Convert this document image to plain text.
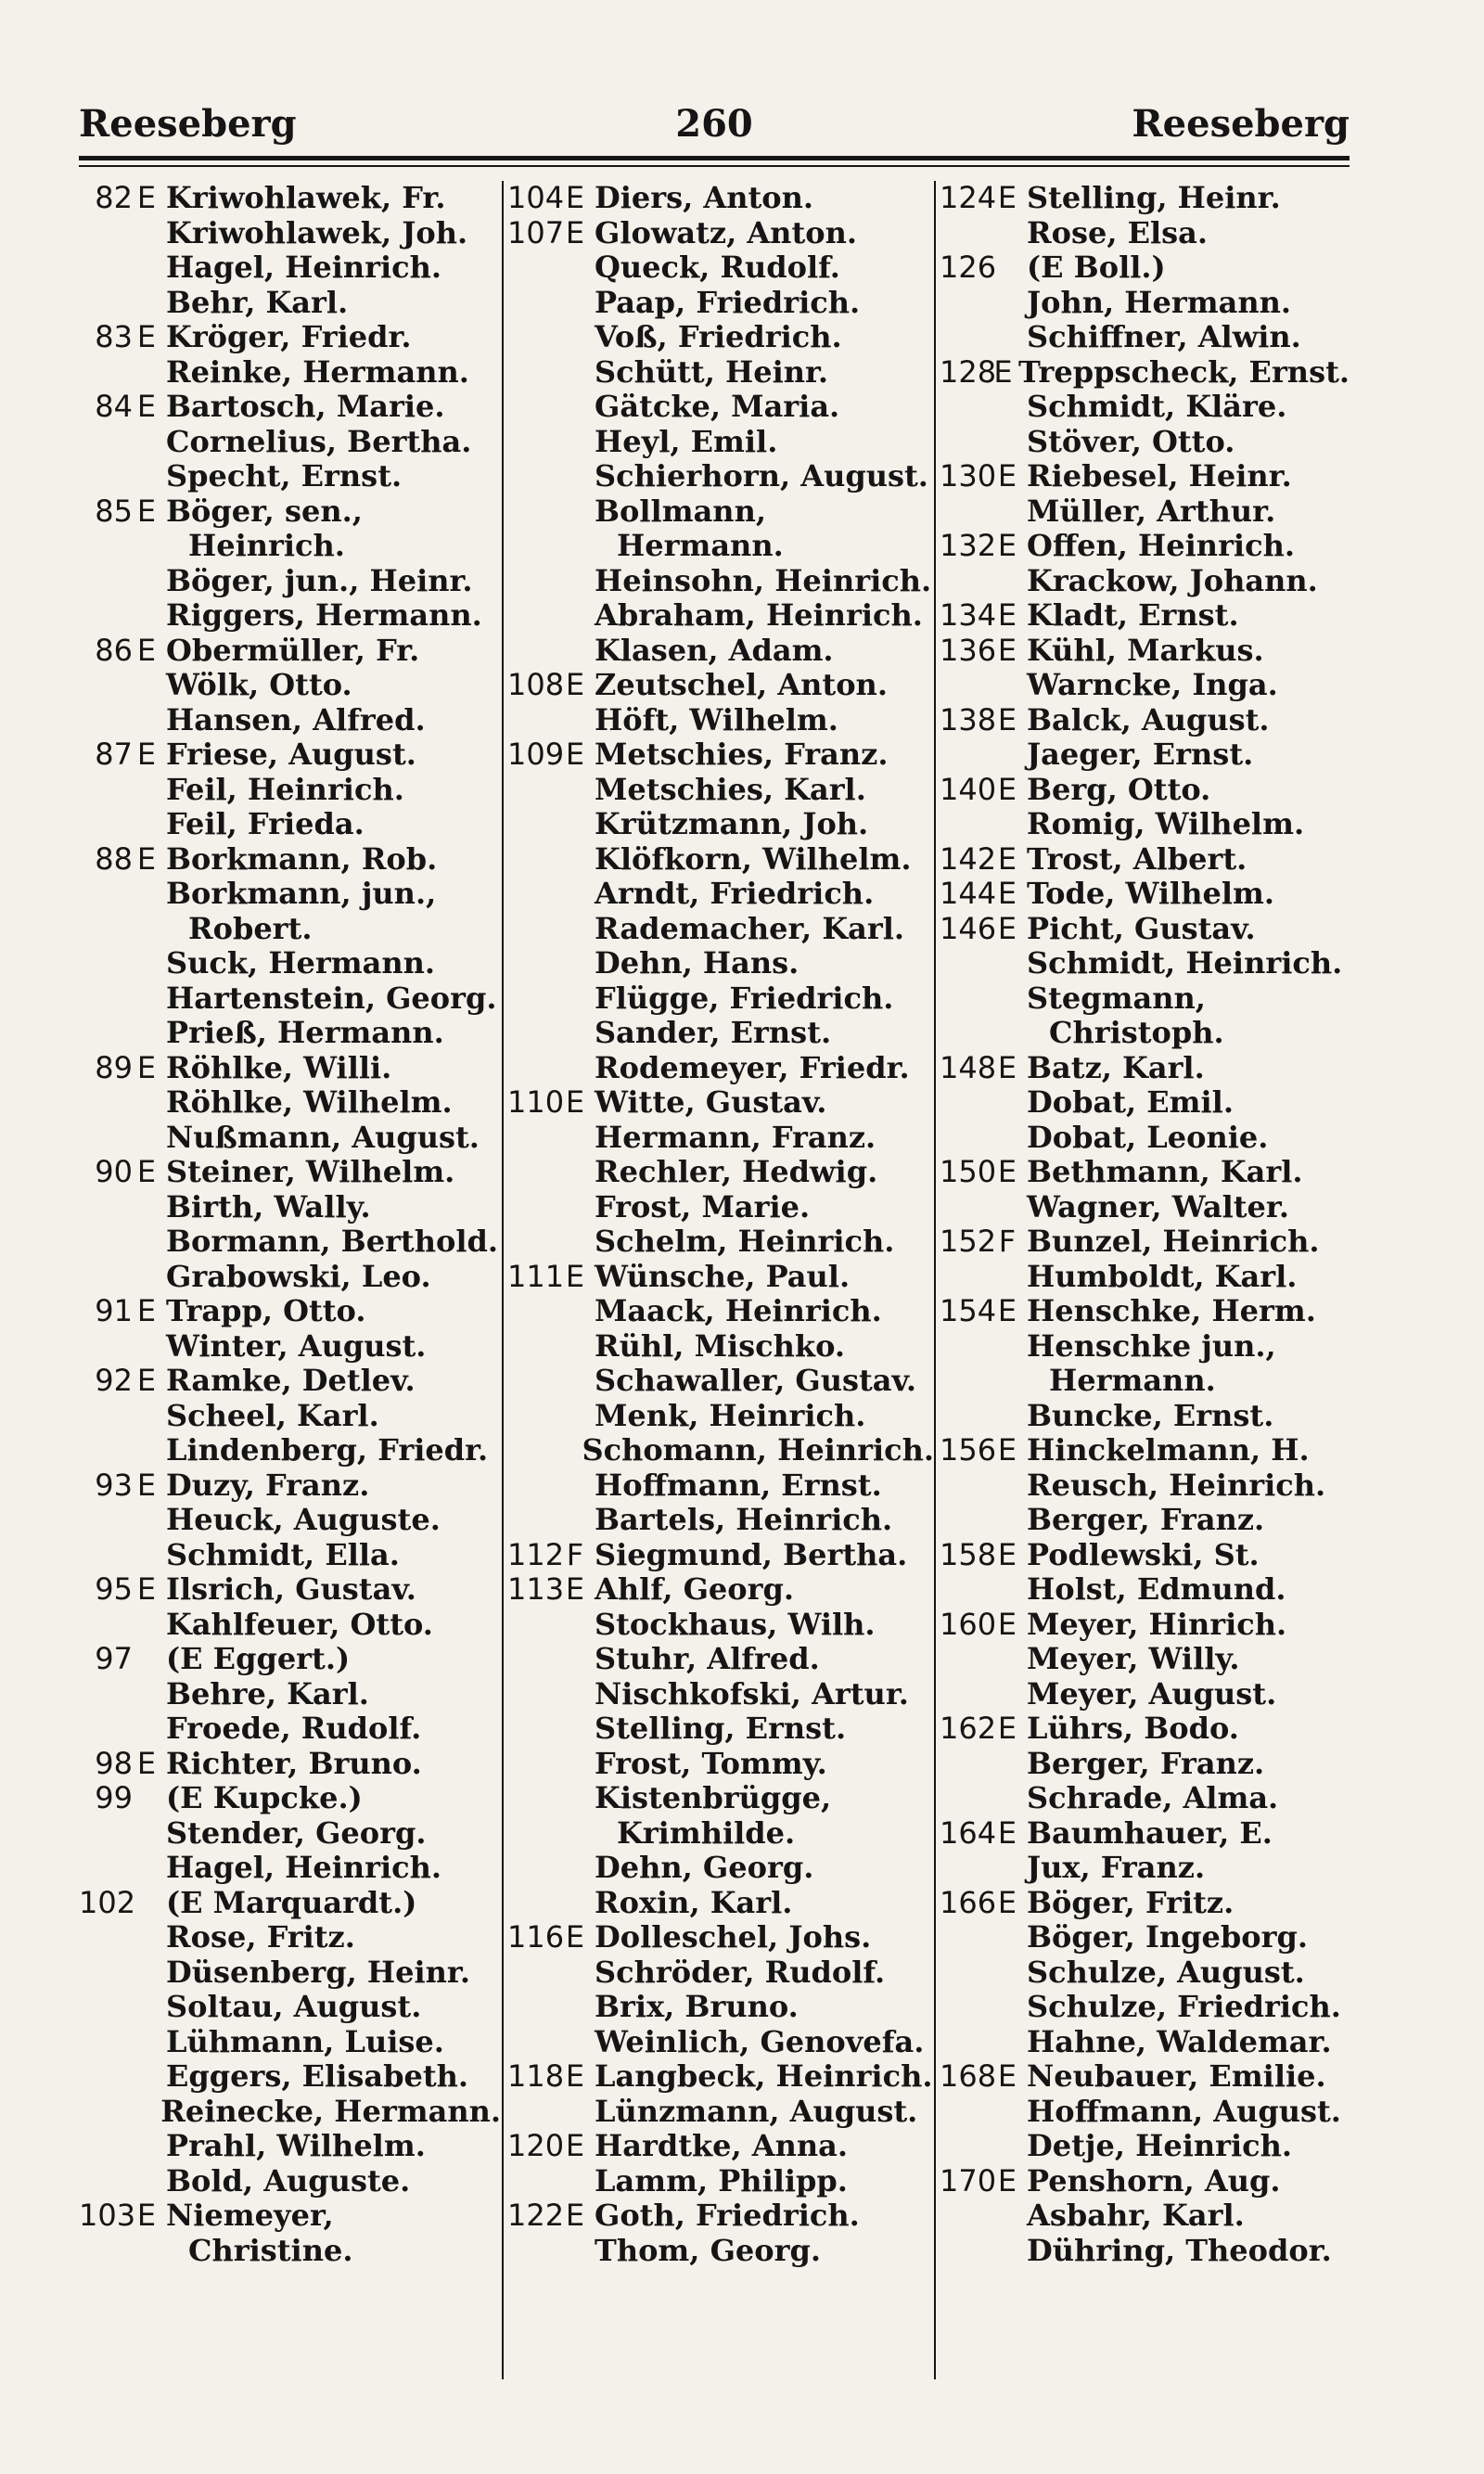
Reeseberg	260	Reeseberg
82 E Kriwohlawek, Fr.
Kriwohlawek, Joh.
Hagel, Heinrich.
Behr, Karl.
83 E Kröger, Friedr.
Reinke, Hermann.
84 E Bartosch, Marie.
Cornelius, Bertha.
Specht, Ernst.
85 E Böger, sen.,
Heinrich.
Böger, jun., Heinr.
Riggers, Hermann.
86 E Obermüller, Fr.
Wölk, Otto.
Hansen, Alfred.
87 E Friese, August.
Feil, Heinrich.
Feil, Frieda.
88 E Borkmann, Rob.
Borkmann, jun.,
Robert.
Suck, Hermann.
Hartenstein, Georg.
Prieß, Hermann.
89 E Röhlke, Willi.
Röhlke, Wilhelm.
Nußmann, August.
90 E Steiner, Wilhelm.
Birth, Wally.
Bormann, Berthold.
Grabowski, Leo.
91 E Trapp, Otto.
Winter, August.
92 E Ramke, Detlev.
Scheel, Karl.
Lindenberg, Friedr.
93 E Duzy, Franz.
Heuck, Auguste.
Schmidt, Ella.
95 E Ilsrich, Gustav.
Kahlfeuer, Otto.
97 (E Eggert.)
Behre, Karl.
Froede, Rudolf.
98 E Richter, Bruno.
99 (E Kupcke.)
Stender, Georg.
Hagel, Heinrich.
102 (E Marquardt.)
Rose, Fritz.
Düsenberg, Heinr.
Soltau, August.
Lühmann, Luise.
Eggers, Elisabeth.
Reinecke, Hermann.
Prahl, Wilhelm.
Bold, Auguste.
103 E Niemeyer,
Christine.
104 E Diers, Anton.
107 E Glowatz, Anton.
Queck, Rudolf.
Paap, Friedrich.
Voß, Friedrich.
Schütt, Heinr.
Gätcke, Maria.
Heyl, Emil.
Schierhorn, August.
Bollmann,
Hermann.
Heinsohn, Heinrich.
Abraham, Heinrich.
Klasen, Adam.
108 E Zeutschel, Anton.
Höft, Wilhelm.
109 E Metschies, Franz.
Metschies, Karl.
Krützmann, Joh.
Klöfkorn, Wilhelm.
Arndt, Friedrich.
Rademacher, Karl.
Dehn, Hans.
Flügge, Friedrich.
Sander, Ernst.
Rodemeyer, Friedr.
110 E Witte, Gustav.
Hermann, Franz.
Rechler, Hedwig.
Frost, Marie.
Schelm, Heinrich.
111 E Wünsche, Paul.
Maack, Heinrich.
Rühl, Mischko.
Schawaller, Gustav.
Menk, Heinrich.
Schomann, Heinrich.
Hoffmann, Ernst.
Bartels, Heinrich.
112 F Siegmund, Bertha.
113 E Ahlf, Georg.
Stockhaus, Wilh.
Stuhr, Alfred.
Nischkofski, Artur.
Stelling, Ernst.
Frost, Tommy.
Kistenbrügge,
Krimhilde.
Dehn, Georg.
Roxin, Karl.
116 E Dolleschel, Johs.
Schröder, Rudolf.
Brix, Bruno.
Weinlich, Genovefa.
118 E Langbeck, Heinrich.
Lünzmann, August.
120 E Hardtke, Anna.
Lamm, Philipp.
122 E Goth, Friedrich.
Thom, Georg.
124 E Stelling, Heinr.
Rose, Elsa.
126 (E Boll.)
John, Hermann.
Schiffner, Alwin.
128
E Treppscheck, Ernst.
Schmidt, Kläre.
Stöver, Otto.
130 E Riebesel, Heinr.
Müller, Arthur.
132 E Offen, Heinrich.
Krackow, Johann.
134 E Kladt, Ernst.
136 E Kühl, Markus.
Warncke, Inga.
138 E Balck, August.
Jaeger, Ernst.
140 E Berg, Otto.
Romig, Wilhelm.
142 E Trost, Albert.
144 E Tode, Wilhelm.
146 E Picht, Gustav.
Schmidt, Heinrich.
Stegmann,
Christoph.
148 E Batz, Karl.
Dobat, Emil.
Dobat, Leonie.
150 E Bethmann, Karl.
Wagner, Walter.
152 F Bunzel, Heinrich.
Humboldt, Karl.
154 E Henschke, Herm.
Henschke jun.,
Hermann.
Buncke, Ernst.
156 E Hinckelmann, H.
Reusch, Heinrich.
Berger, Franz.
158 E Podlewski, St.
Holst, Edmund.
160 E Meyer, Hinrich.
Meyer, Willy.
Meyer, August.
162 E Lührs, Bodo.
Berger, Franz.
Schrade, Alma.
164 E Baumhauer, E.
Jux, Franz.
166 E Böger, Fritz.
Böger, Ingeborg.
Schulze, August.
Schulze, Friedrich.
Hahne, Waldemar.
168 E Neubauer, Emilie.
Hoffmann, August.
Detje, Heinrich.
170 E Penshorn, Aug.
Asbahr, Karl.
Dühring, Theodor.
